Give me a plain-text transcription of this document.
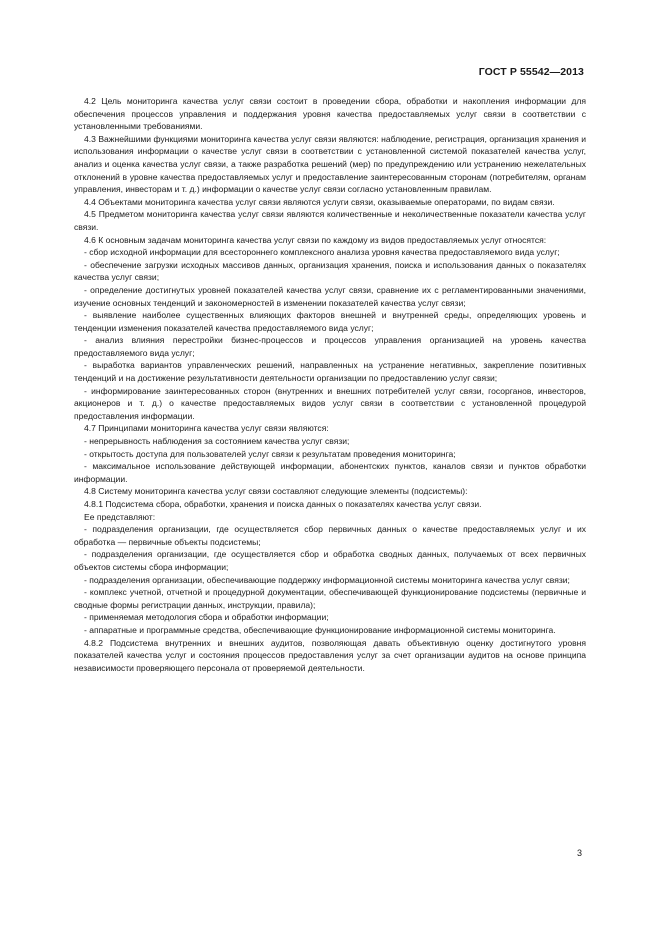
ГОСТ Р 55542—2013

4.2 Цель мониторинга качества услуг связи состоит в проведении сбора, обработки и накопления информации для обеспечения процессов управления и поддержания уровня качества предоставляемых услуг связи в соответствии с установленными требованиями.

4.3 Важнейшими функциями мониторинга качества услуг связи являются: наблюдение, регистрация, организация хранения и использования информации о качестве услуг связи в соответствии с установленной системой показателей качества услуг, анализ и оценка качества услуг связи, а также разработка решений (мер) по предупреждению или устранению нежелательных отклонений в уровне качества предоставляемых услуг и предоставление заинтересованным сторонам (потребителям, органам управления, инвесторам и т. д.) информации о качестве услуг связи согласно установленным правилам.

4.4 Объектами мониторинга качества услуг связи являются услуги связи, оказываемые операторами, по видам связи.

4.5 Предметом мониторинга качества услуг связи являются количественные и неколичественные показатели качества услуг связи.

4.6 К основным задачам мониторинга качества услуг связи по каждому из видов предоставляемых услуг относятся:

- сбор исходной информации для всестороннего комплексного анализа уровня качества предоставляемого вида услуг;

- обеспечение загрузки исходных массивов данных, организация хранения, поиска и использования данных о показателях качества услуг связи;

- определение достигнутых уровней показателей качества услуг связи, сравнение их с регламентированными значениями, изучение основных тенденций и закономерностей в изменении показателей качества услуг связи;

- выявление наиболее существенных влияющих факторов внешней и внутренней среды, определяющих уровень и тенденции изменения показателей качества предоставляемого вида услуг;

- анализ влияния перестройки бизнес-процессов и процессов управления организацией на уровень качества предоставляемого вида услуг;

- выработка вариантов управленческих решений, направленных на устранение негативных, закрепление позитивных тенденций и на достижение результативности деятельности организации по предоставлению услуг связи;

- информирование заинтересованных сторон (внутренних и внешних потребителей услуг связи, госорганов, инвесторов, акционеров и т. д.) о качестве предоставляемых видов услуг связи в соответствии с установленной процедурой предоставления информации.

4.7 Принципами мониторинга качества услуг связи являются:

- непрерывность наблюдения за состоянием качества услуг связи;

- открытость доступа для пользователей услуг связи к результатам проведения мониторинга;

- максимальное использование действующей информации, абонентских пунктов, каналов связи и пунктов обработки информации.

4.8 Систему мониторинга качества услуг связи составляют следующие элементы (подсистемы):

4.8.1 Подсистема сбора, обработки, хранения и поиска данных о показателях качества услуг связи.

Ее представляют:

- подразделения организации, где осуществляется сбор первичных данных о качестве предоставляемых услуг и их обработка — первичные объекты подсистемы;

- подразделения организации, где осуществляется сбор и обработка сводных данных, получаемых от всех первичных объектов системы сбора информации;

- подразделения организации, обеспечивающие поддержку информационной системы мониторинга качества услуг связи;

- комплекс учетной, отчетной и процедурной документации, обеспечивающей функционирование подсистемы (первичные и сводные формы регистрации данных, инструкции, правила);

- применяемая методология сбора и обработки информации;

- аппаратные и программные средства, обеспечивающие функционирование информационной системы мониторинга.

4.8.2 Подсистема внутренних и внешних аудитов, позволяющая давать объективную оценку достигнутого уровня показателей качества услуг и состояния процессов предоставления услуг за счет организации аудитов на основе принципа независимости проверяющего персонала от проверяемой деятельности.

3
